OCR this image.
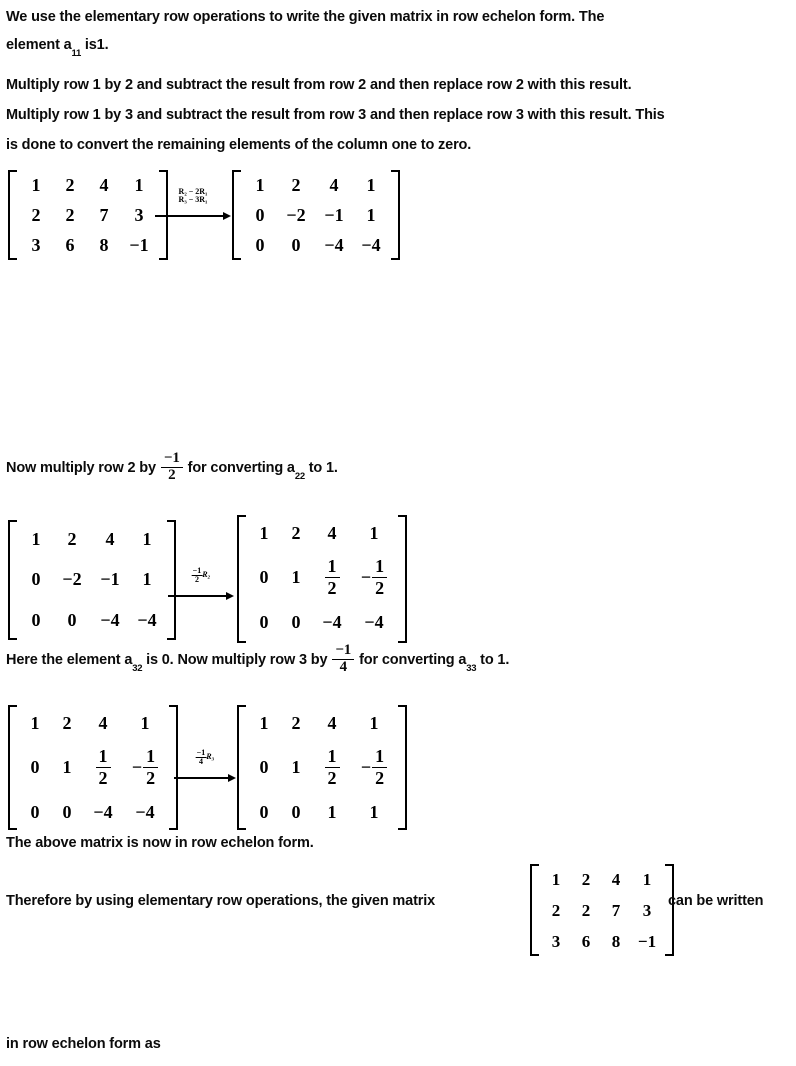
We use the elementary row operations to write the given matrix in row echelon form. The
element $a_{11}$ is1.
Multiply row 1 by 2 and subtract the result from row 2 and then replace row 2 with this result.
Multiply row 1 by 3 and subtract the result from row 3 and then replace row 3 with this result. This
is done to convert the remaining elements of the column one to zero.
1 2 4 1
2 2 7 3
3 6 8 −1
R₂ − 2R₁
R₃ − 3R₁
1 2 4 1
0 −2 −1 1
0 0 −4 −4
Now multiply row 2 by $\frac{-1}{2}$ for converting $a_{22}$ to 1.
1 2 4 1
0 −2 −1 1
0 0 −4 −4
$\frac{-1}{2} R_2$
1 2 4 1
0 $1 \frac{1}{2} - \frac{1}{2}$
0 0 −4 −4
Here the element $a_{32}$ is 0. Now multiply row 3 by $\frac{-1}{4}$ for converting $a_{33}$ to 1.
1 2 4 1
0 $1 \frac{1}{2} - \frac{1}{2}$
0 0 −4 −4
$\frac{-1}{4} R_3$
1 2 4 1
0 $1 \frac{1}{2} - \frac{1}{2}$
0 0 1 1
The above matrix is now in row echelon form.
Therefore by using elementary row operations, the given matrix
1 2 4 1
2 2 7 3
3 6 8 −1
can be written
in row echelon form as
